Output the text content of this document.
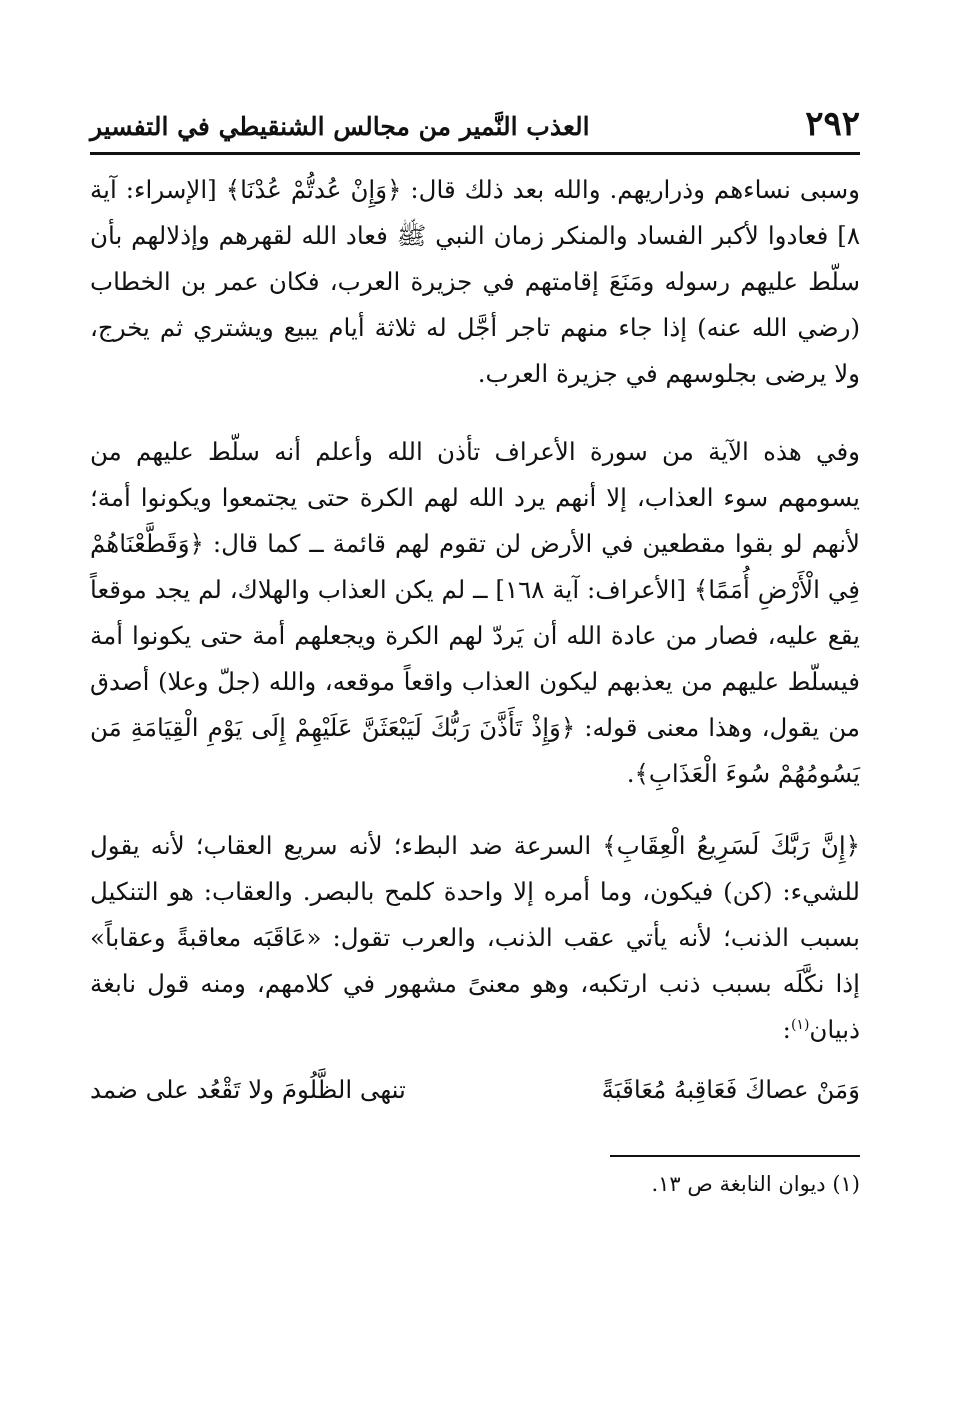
٢٩٢
العذب النَّمير من مجالس الشنقيطي في التفسير

وسبى نساءهم وذراريهم. والله بعد ذلك قال: ﴿وَإِنْ عُدتُّمْ عُدْنَا﴾ [الإسراء: آية ٨] فعادوا لأكبر الفساد والمنكر زمان النبي ﷺ فعاد الله لقهرهم وإذلالهم بأن سلّط عليهم رسوله ومَنَعَ إقامتهم في جزيرة العرب، فكان عمر بن الخطاب (رضي الله عنه) إذا جاء منهم تاجر أجَّل له ثلاثة أيام يبيع ويشتري ثم يخرج، ولا يرضى بجلوسهم في جزيرة العرب.

وفي هذه الآية من سورة الأعراف تأذن الله وأعلم أنه سلّط عليهم من يسومهم سوء العذاب، إلا أنهم يرد الله لهم الكرة حتى يجتمعوا ويكونوا أمة؛ لأنهم لو بقوا مقطعين في الأرض لن تقوم لهم قائمة ــ كما قال: ﴿وَقَطَّعْنَاهُمْ فِي الْأَرْضِ أُمَمًا﴾ [الأعراف: آية ١٦٨] ــ لم يكن العذاب والهلاك، لم يجد موقعاً يقع عليه، فصار من عادة الله أن يَردّ لهم الكرة ويجعلهم أمة حتى يكونوا أمة فيسلّط عليهم من يعذبهم ليكون العذاب واقعاً موقعه، والله (جلّ وعلا) أصدق من يقول، وهذا معنى قوله: ﴿وَإِذْ تَأَذَّنَ رَبُّكَ لَيَبْعَثَنَّ عَلَيْهِمْ إِلَى يَوْمِ الْقِيَامَةِ مَن يَسُومُهُمْ سُوءَ الْعَذَابِ﴾.

﴿إِنَّ رَبَّكَ لَسَرِيعُ الْعِقَابِ﴾ السرعة ضد البطء؛ لأنه سريع العقاب؛ لأنه يقول للشيء: (كن) فيكون، وما أمره إلا واحدة كلمح بالبصر. والعقاب: هو التنكيل بسبب الذنب؛ لأنه يأتي عقب الذنب، والعرب تقول: «عَاقَبَه معاقبةً وعقاباً» إذا نكَّلَه بسبب ذنب ارتكبه، وهو معنىً مشهور في كلامهم، ومنه قول نابغة ذبيان$^{(١)}$:

وَمَنْ عصاكَ فَعَاقِبهُ مُعَاقَبَةً
تنهى الظَّلُومَ ولا تَقْعُد على ضمد
(١) ديوان النابغة ص ١٣.
